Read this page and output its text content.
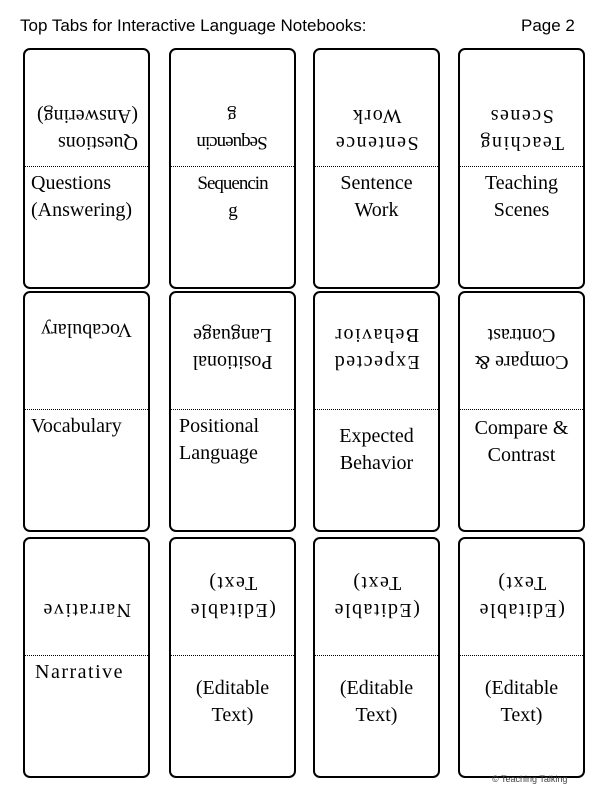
Top Tabs for Interactive Language Notebooks:	Page 2
Questions
(Answering)
Questions
(Answering)
Sequencin
g
Sequencin
g
Sentence
Work
Sentence
Work
Teaching
Scenes
Teaching
Scenes
Vocabulary
Vocabulary
Positional
Language
Positional
Language
Expected
Behavior
Expected
Behavior
Compare &
Contrast
Compare &
Contrast
Narrative
Narrative
(Editable
Text)
(Editable
Text)
(Editable
Text)
(Editable
Text)
(Editable
Text)
(Editable
Text)
© Teaching Talking
